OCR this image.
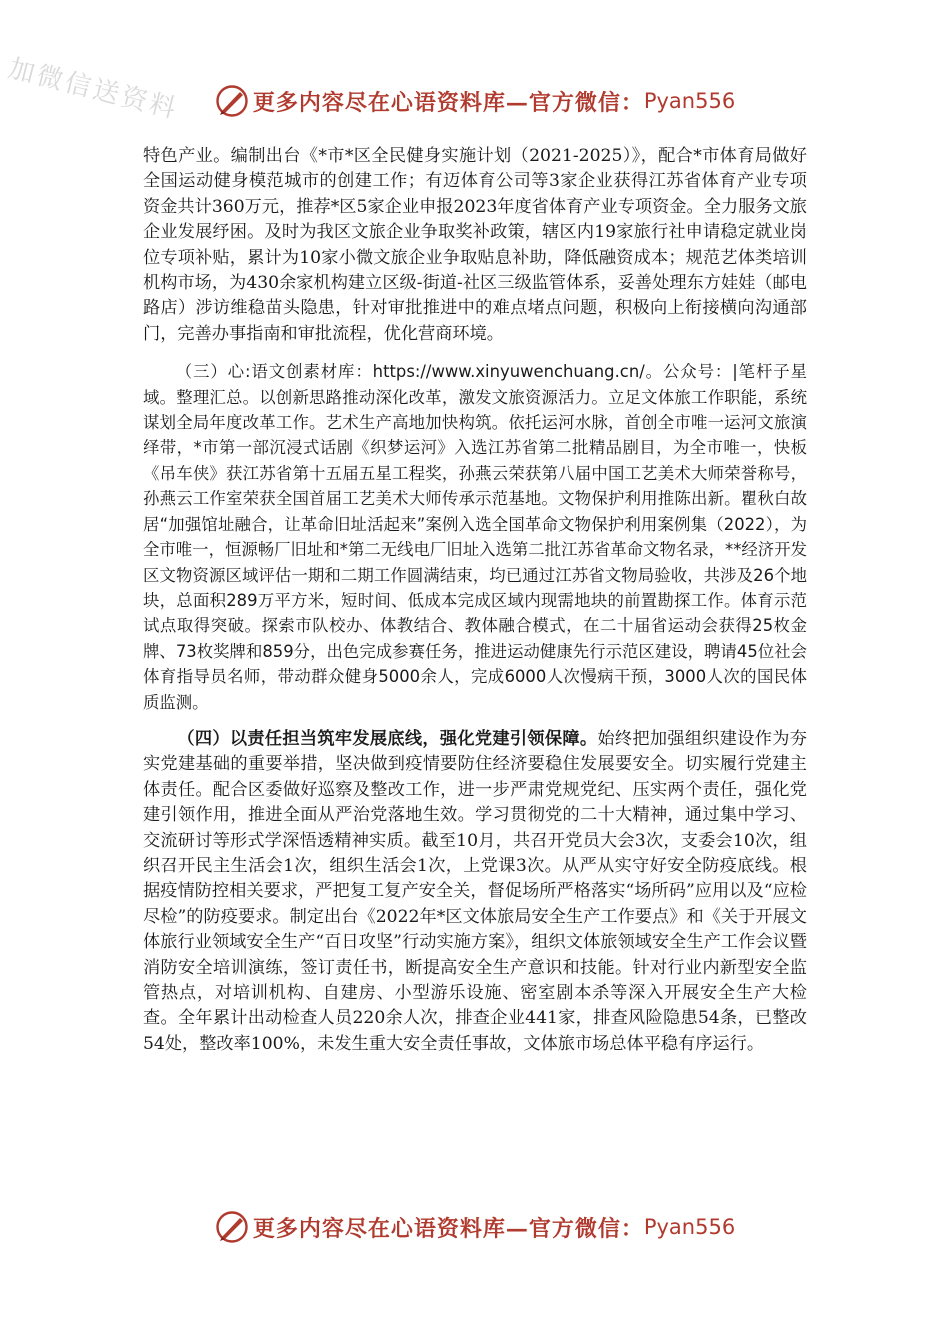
加微信送资料	更多内容尽在心语资料库—官方微信： Pyan556

特色产业。编制出台《*市*区全民健身实施计划（2021-2025）》，配合*市体育局做好全国运动健身模范城市的创建工作；有迈体育公司等3家企业获得江苏省体育产业专项资金共计360万元，推荐*区5家企业申报2023年度省体育产业专项资金。全力服务文旅企业发展纾困。及时为我区文旅企业争取奖补政策，辖区内19家旅行社申请稳定就业岗位专项补贴，累计为10家小微文旅企业争取贴息补助，降低融资成本；规范艺体类培训机构市场，为430余家机构建立区级-街道-社区三级监管体系，妥善处理东方娃娃（邮电路店）涉访维稳苗头隐患，针对审批推进中的难点堵点问题，积极向上衔接横向沟通部门，完善办事指南和审批流程，优化营商环境。

（三）心:语文创素材库：https://www.xinyuwenchuang.cn/。公众号：|笔杆子星域。整理汇总。以创新思路推动深化改革，激发文旅资源活力。立足文体旅工作职能，系统谋划全局年度改革工作。艺术生产高地加快构筑。依托运河水脉，首创全市唯一运河文旅演绎带，*市第一部沉浸式话剧《织梦运河》入选江苏省第二批精品剧目，为全市唯一，快板《吊车侠》获江苏省第十五届五星工程奖，孙燕云荣获第八届中国工艺美术大师荣誉称号，孙燕云工作室荣获全国首届工艺美术大师传承示范基地。文物保护利用推陈出新。瞿秋白故居“加强馆址融合，让革命旧址活起来”案例入选全国革命文物保护利用案例集（2022），为全市唯一，恒源畅厂旧址和*第二无线电厂旧址入选第二批江苏省革命文物名录，**经济开发区文物资源区域评估一期和二期工作圆满结束，均已通过江苏省文物局验收，共涉及26个地块，总面积289万平方米，短时间、低成本完成区域内现需地块的前置勘探工作。体育示范试点取得突破。探索市队校办、体教结合、教体融合模式，在二十届省运动会获得25枚金牌、73枚奖牌和859分，出色完成参赛任务，推进运动健康先行示范区建设，聘请45位社会体育指导员名师，带动群众健身5000余人，完成6000人次慢病干预，3000人次的国民体质监测。

（四）以责任担当筑牢发展底线，强化党建引领保障。始终把加强组织建设作为夯实党建基础的重要举措，坚决做到疫情要防住经济要稳住发展要安全。切实履行党建主体责任。配合区委做好巡察及整改工作，进一步严肃党规党纪、压实两个责任，强化党建引领作用，推进全面从严治党落地生效。学习贯彻党的二十大精神，通过集中学习、交流研讨等形式学深悟透精神实质。截至10月，共召开党员大会3次，支委会10次，组织召开民主生活会1次，组织生活会1次，上党课3次。从严从实守好安全防疫底线。根据疫情防控相关要求，严把复工复产安全关，督促场所严格落实“场所码”应用以及“应检尽检”的防疫要求。制定出台《2022年*区文体旅局安全生产工作要点》和《关于开展文体旅行业领域安全生产“百日攻坚”行动实施方案》，组织文体旅领域安全生产工作会议暨消防安全培训演练，签订责任书，断提高安全生产意识和技能。针对行业内新型安全监管热点，对培训机构、自建房、小型游乐设施、密室剧本杀等深入开展安全生产大检查。全年累计出动检查人员220余人次，排查企业441家，排查风险隐患54条，已整改54处，整改率100%，未发生重大安全责任事故，文体旅市场总体平稳有序运行。

更多内容尽在心语资料库—官方微信： Pyan556
